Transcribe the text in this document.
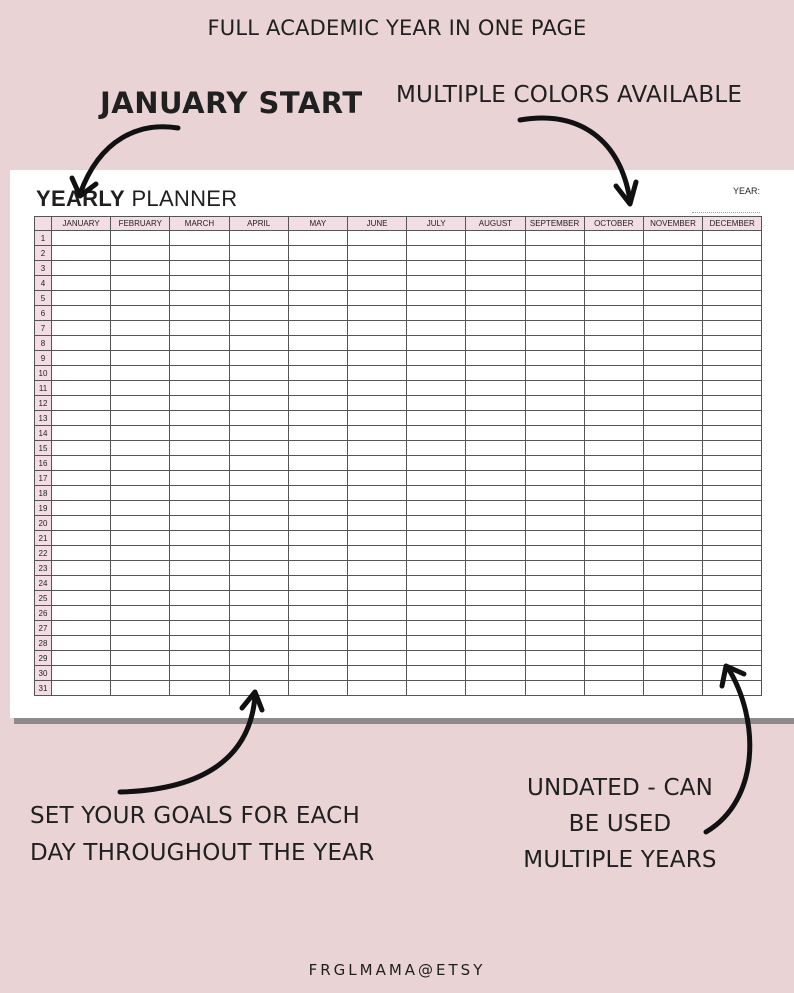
FULL ACADEMIC YEAR IN ONE PAGE
JANUARY START MULTIPLE COLORS AVAILABLE
YEARLY PLANNER	YEAR:
	JANUARY	FEBRUARY	MARCH	APRIL	MAY	JUNE	JULY	AUGUST	SEPTEMBER	OCTOBER	NOVEMBER	DECEMBER
1												
2												
3												
4												
5												
6												
7												
8												
9												
10												
11												
12												
13												
14												
15												
16												
17												
18												
19												
20												
21												
22												
23												
24												
25												
26												
27												
28												
29												
30												
31												
SET YOUR GOALS FOR EACH
DAY THROUGHOUT THE YEAR
UNDATED - CAN
BE USED
MULTIPLE YEARS
FRGLMAMA@ETSY
